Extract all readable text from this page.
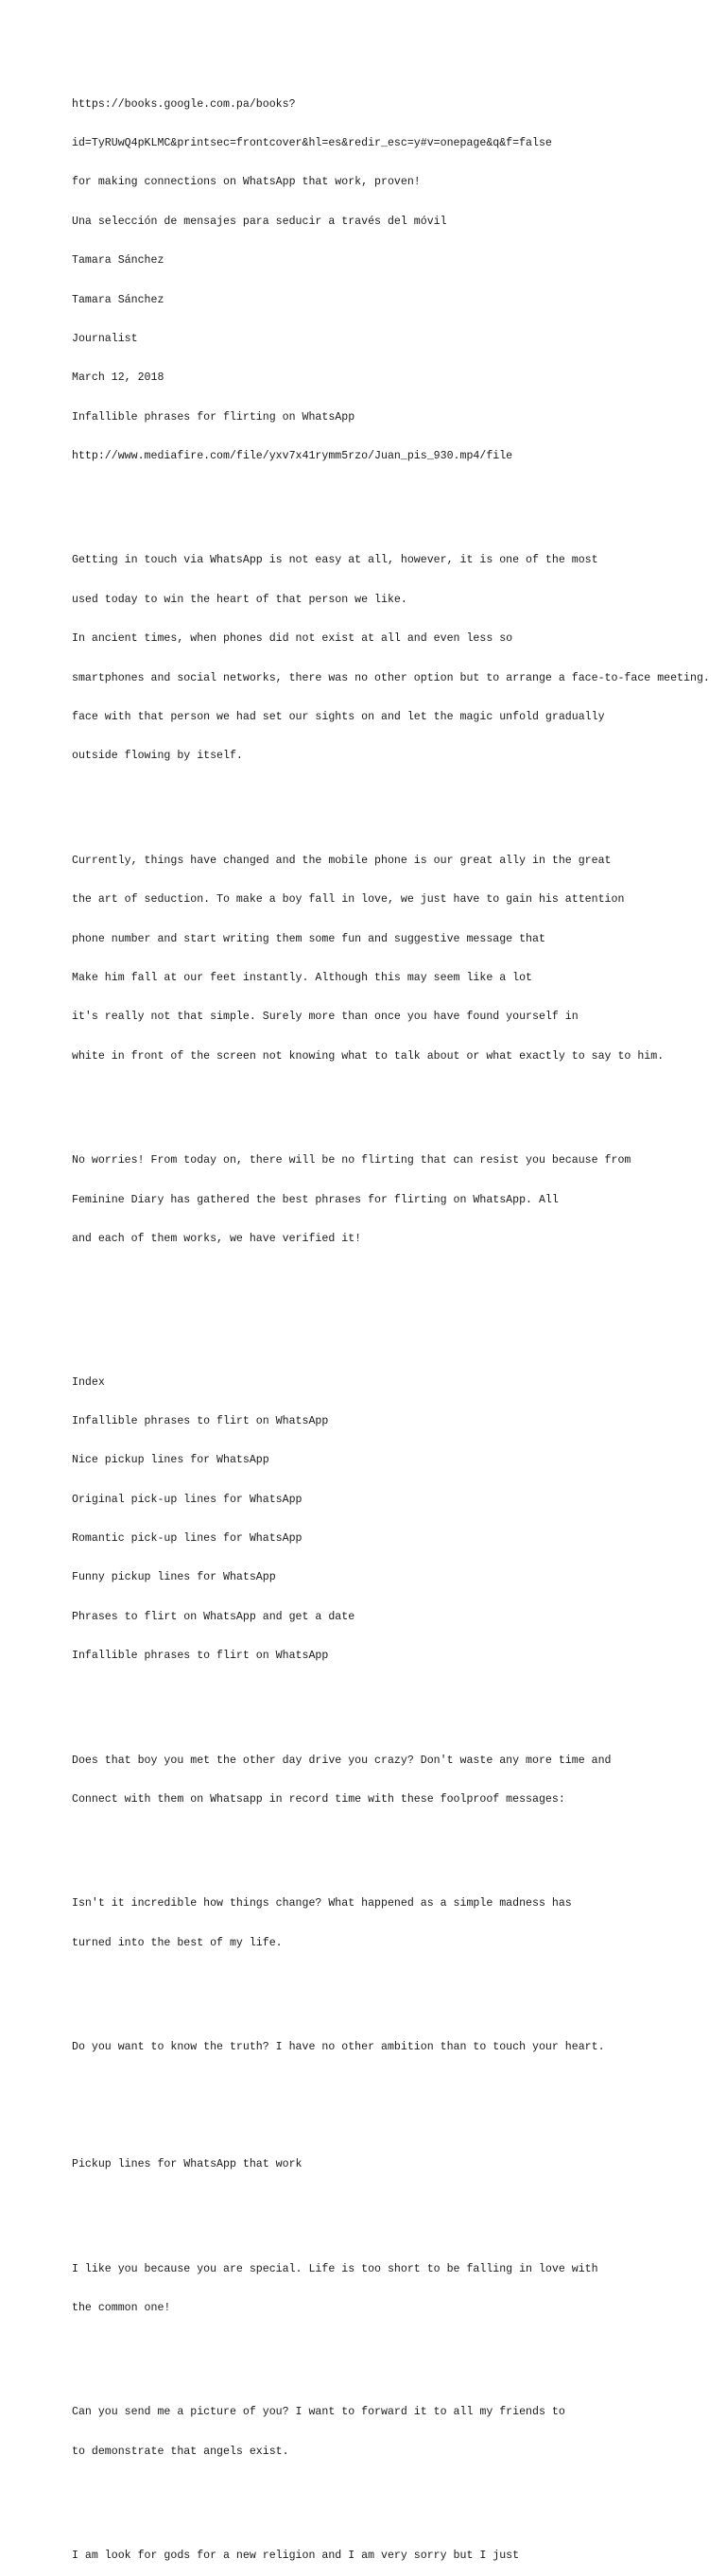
https://books.google.com.pa/books?

id=TyRUwQ4pKLMC&printsec=frontcover&hl=es&redir_esc=y#v=onepage&q&f=false

for making connections on WhatsApp that work, proven!

Una selección de mensajes para seducir a través del móvil

Tamara Sánchez

Tamara Sánchez

Journalist

March 12, 2018

Infallible phrases for flirting on WhatsApp

http://www.mediafire.com/file/yxv7x41rymm5rzo/Juan_pis_930.mp4/file

Getting in touch via WhatsApp is not easy at all, however, it is one of the most

used today to win the heart of that person we like.

In ancient times, when phones did not exist at all and even less so

smartphones and social networks, there was no other option but to arrange a face-to-face meeting.

face with that person we had set our sights on and let the magic unfold gradually

outside flowing by itself.

Currently, things have changed and the mobile phone is our great ally in the great

the art of seduction. To make a boy fall in love, we just have to gain his attention

phone number and start writing them some fun and suggestive message that

Make him fall at our feet instantly. Although this may seem like a lot

it's really not that simple. Surely more than once you have found yourself in

white in front of the screen not knowing what to talk about or what exactly to say to him.

No worries! From today on, there will be no flirting that can resist you because from

Feminine Diary has gathered the best phrases for flirting on WhatsApp. All

and each of them works, we have verified it!

Index

Infallible phrases to flirt on WhatsApp

Nice pickup lines for WhatsApp

Original pick-up lines for WhatsApp

Romantic pick-up lines for WhatsApp

Funny pickup lines for WhatsApp

Phrases to flirt on WhatsApp and get a date

Infallible phrases to flirt on WhatsApp

Does that boy you met the other day drive you crazy? Don't waste any more time and

Connect with them on Whatsapp in record time with these foolproof messages:

Isn't it incredible how things change? What happened as a simple madness has

turned into the best of my life.

Do you want to know the truth? I have no other ambition than to touch your heart.

Pickup lines for WhatsApp that work

I like you because you are special. Life is too short to be falling in love with

the common one!

Can you send me a picture of you? I want to forward it to all my friends to

to demonstrate that angels exist.

I am look for gods for a new religion and I am very sorry but I just
